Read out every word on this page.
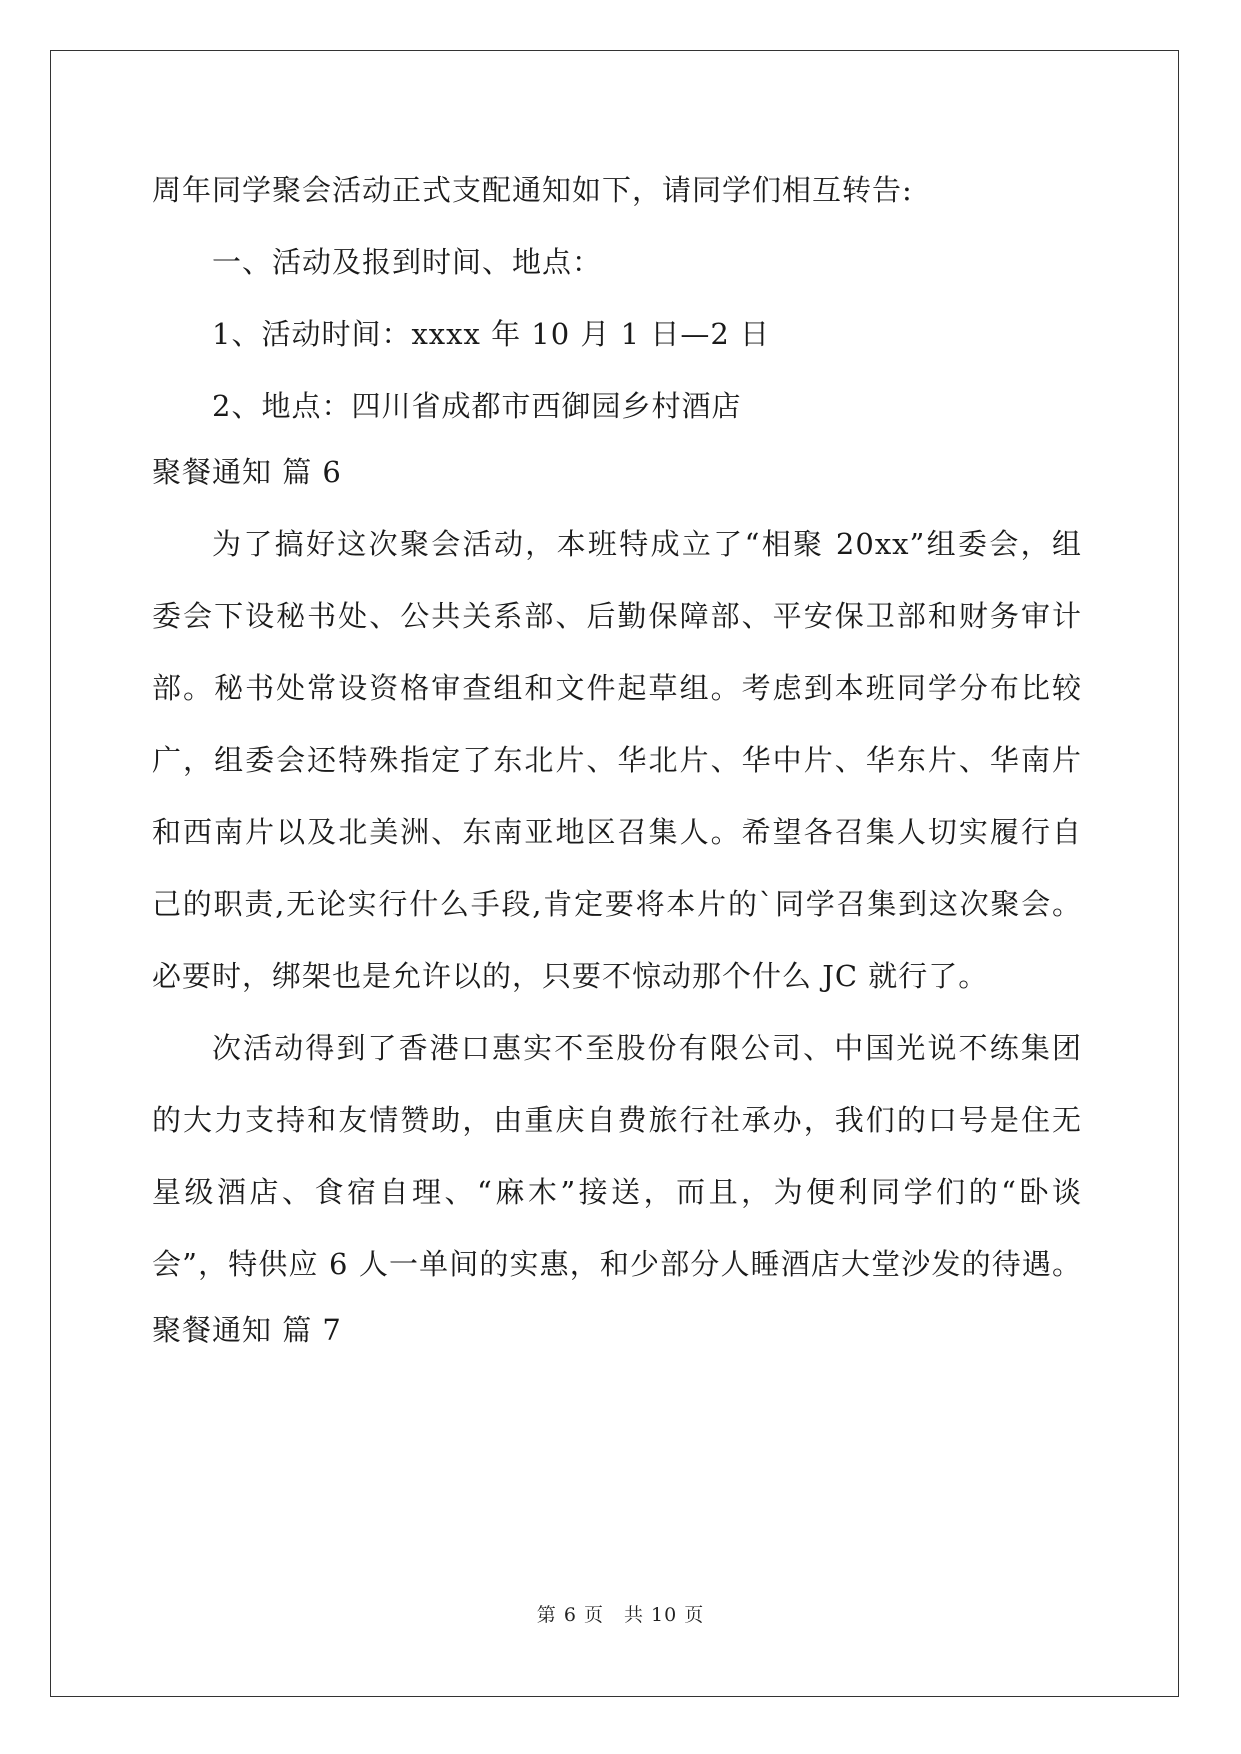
周年同学聚会活动正式支配通知如下，请同学们相互转告:
一、活动及报到时间、地点：
1、活动时间：xxxx 年 10 月 1 日—2 日
2、地点：四川省成都市西御园乡村酒店
聚餐通知 篇 6
为了搞好这次聚会活动，本班特成立了“相聚 20xx”组委会，组
委会下设秘书处、公共关系部、后勤保障部、平安保卫部和财务审计
部。秘书处常设资格审查组和文件起草组。考虑到本班同学分布比较
广，组委会还特殊指定了东北片、华北片、华中片、华东片、华南片
和西南片以及北美洲、东南亚地区召集人。希望各召集人切实履行自
己的职责,无论实行什么手段,肯定要将本片的`同学召集到这次聚会。
必要时，绑架也是允许以的，只要不惊动那个什么 JC 就行了。
次活动得到了香港口惠实不至股份有限公司、中国光说不练集团
的大力支持和友情赞助，由重庆自费旅行社承办，我们的口号是住无
星级酒店、食宿自理、“麻木”接送，而且，为便利同学们的“卧谈
会”，特供应 6 人一单间的实惠，和少部分人睡酒店大堂沙发的待遇。
聚餐通知 篇 7
第 6 页　共 10 页
